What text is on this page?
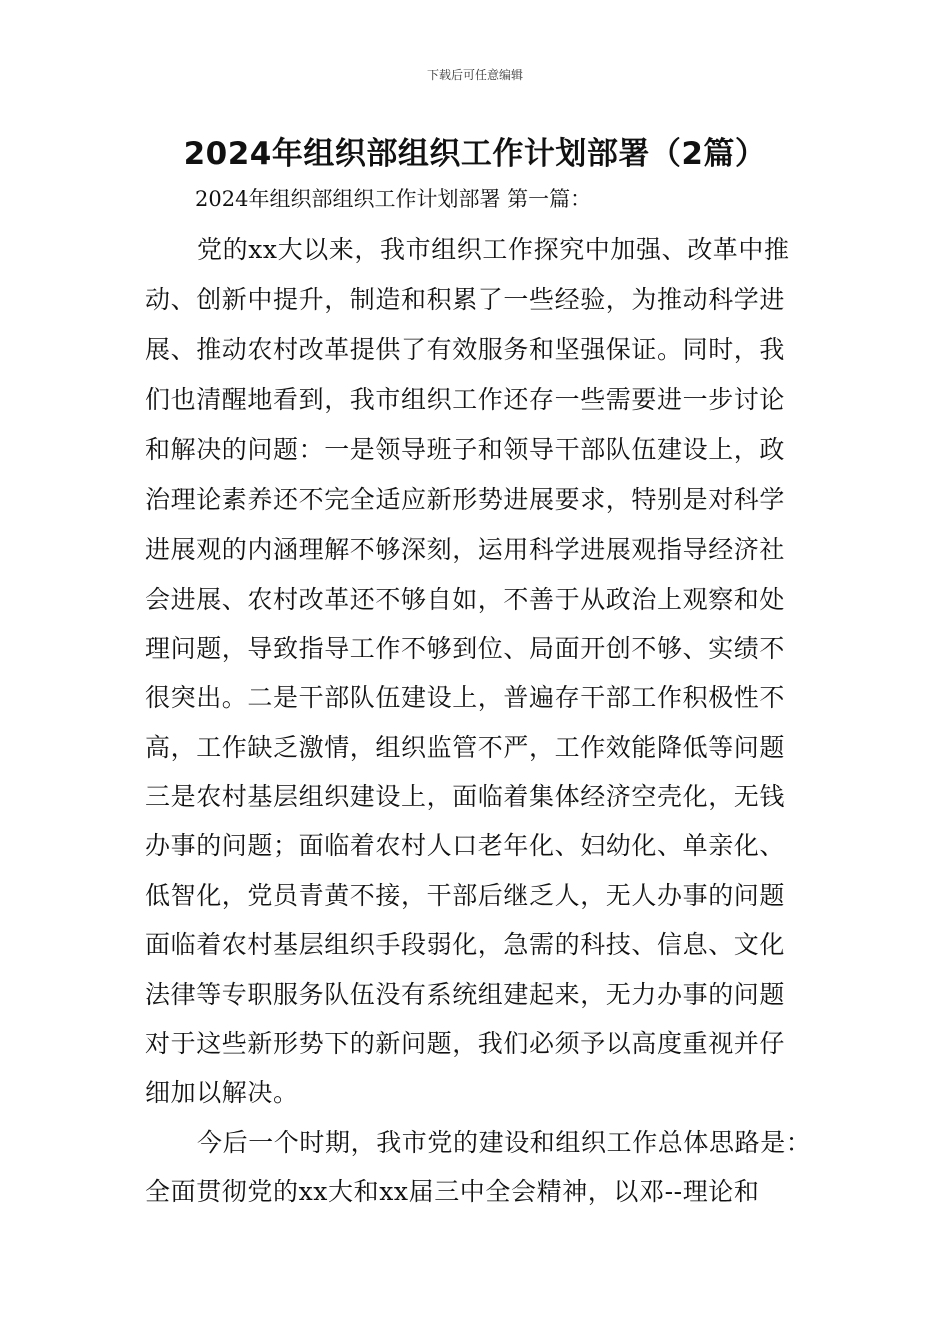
下载后可任意编辑
2024年组织部组织工作计划部署（2篇）
2024年组织部组织工作计划部署 第一篇：
党的xx大以来，我市组织工作探究中加强、改革中推
动、创新中提升，制造和积累了一些经验，为推动科学进
展、推动农村改革提供了有效服务和坚强保证。同时，我
们也清醒地看到，我市组织工作还存一些需要进一步讨论
和解决的问题：一是领导班子和领导干部队伍建设上，政
治理论素养还不完全适应新形势进展要求，特别是对科学
进展观的内涵理解不够深刻，运用科学进展观指导经济社
会进展、农村改革还不够自如，不善于从政治上观察和处
理问题，导致指导工作不够到位、局面开创不够、实绩不
很突出。二是干部队伍建设上，普遍存干部工作积极性不
高，工作缺乏激情，组织监管不严，工作效能降低等问题
三是农村基层组织建设上，面临着集体经济空壳化，无钱
办事的问题；面临着农村人口老年化、妇幼化、单亲化、
低智化，党员青黄不接，干部后继乏人，无人办事的问题
面临着农村基层组织手段弱化，急需的科技、信息、文化
法律等专职服务队伍没有系统组建起来，无力办事的问题
对于这些新形势下的新问题，我们必须予以高度重视并仔
细加以解决。
今后一个时期，我市党的建设和组织工作总体思路是：
全面贯彻党的xx大和xx届三中全会精神，以邓--理论和
